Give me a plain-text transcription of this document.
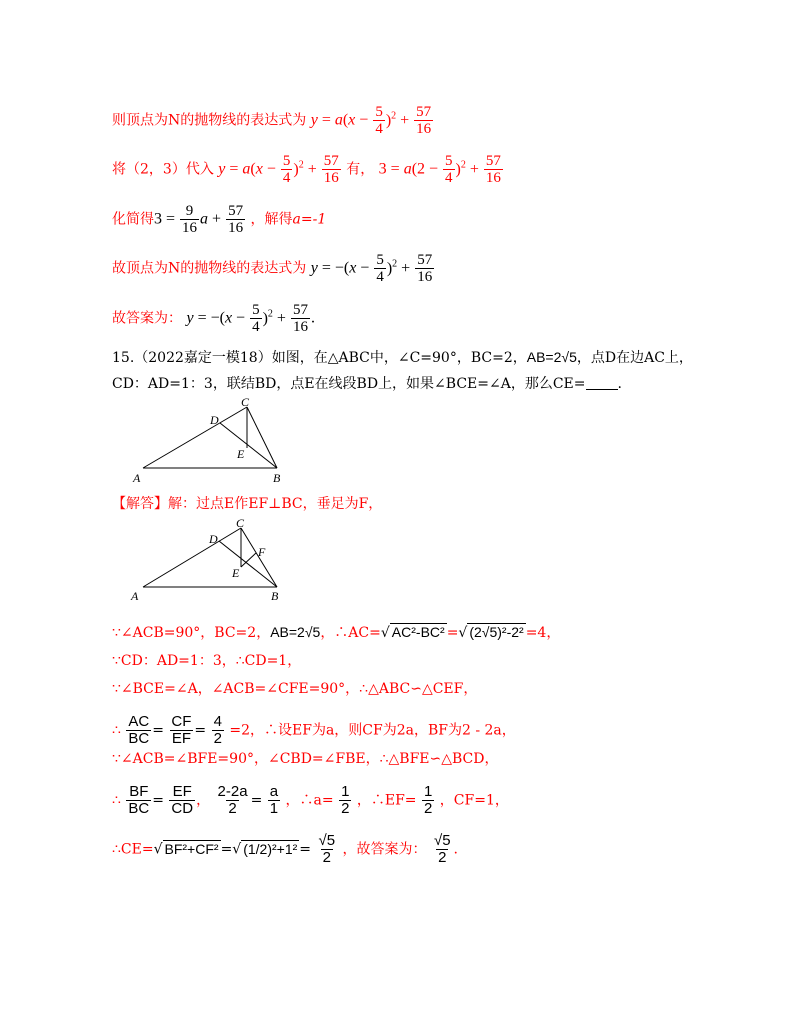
则顶点为N的抛物线的表达式为 $y = a(x - \frac{5}{4} )^2 + \frac{57}{16}$
将（2，3）代入 $y = a(x - \frac{5}{4} )^2 + \frac{57}{16}$ 有， $3 = a(2 - \frac{5}{4} )^2 + \frac{57}{16}$
化简得$3 = \frac{9}{16}$ $a + \frac{57}{16}$ ，解得a=-1
故顶点为N的抛物线的表达式为 $y = -(x - \frac{5}{4} )^2 + \frac{57}{16}$
故答案为： $y = -(x - \frac{5}{4} )^2 + \frac{57}{16}$ .
15.（2022嘉定一模18）如图，在△ABC中，∠C=90°，BC=2，AB=2√5，点D在边AC上，
CD：AD=1：3，联结BD，点E在线段BD上，如果∠BCE=∠A，那么CE= .
C
D
E
A	B
【解答】解：过点E作EF⊥BC，垂足为F，
C
D
F
E
A	B
∵∠ACB=90°，BC=2，AB=2√5，∴AC=√ AC²-BC² =√ (2√5)²-2² =4，
∵CD：AD=1：3，∴CD=1，
∵∠BCE=∠A，∠ACB=∠CFE=90°，∴△ABC∽△CEF，
∴ $\frac{AC}{BC} = \frac{CF}{EF} = \frac{4}{2} =2$，∴设EF为a，则CF为2a，BF为2 - 2a，
∵∠ACB=∠BFE=90°，∠CBD=∠FBE，∴△BFE∽△BCD，
∴ $\frac{BF}{BC} = \frac{EF}{CD}$ ， $\frac{2-2a}{2} = \frac{a}{1}$ ，∴a= $\frac{1}{2}$ ，∴EF= $\frac{1}{2}$ ，CF=1，
∴CE=√ BF²+CF² =√ $(1/2)^2+1^2 = \frac{√5}{2}$ ，故答案为： $\frac{√5}{2}$ .
